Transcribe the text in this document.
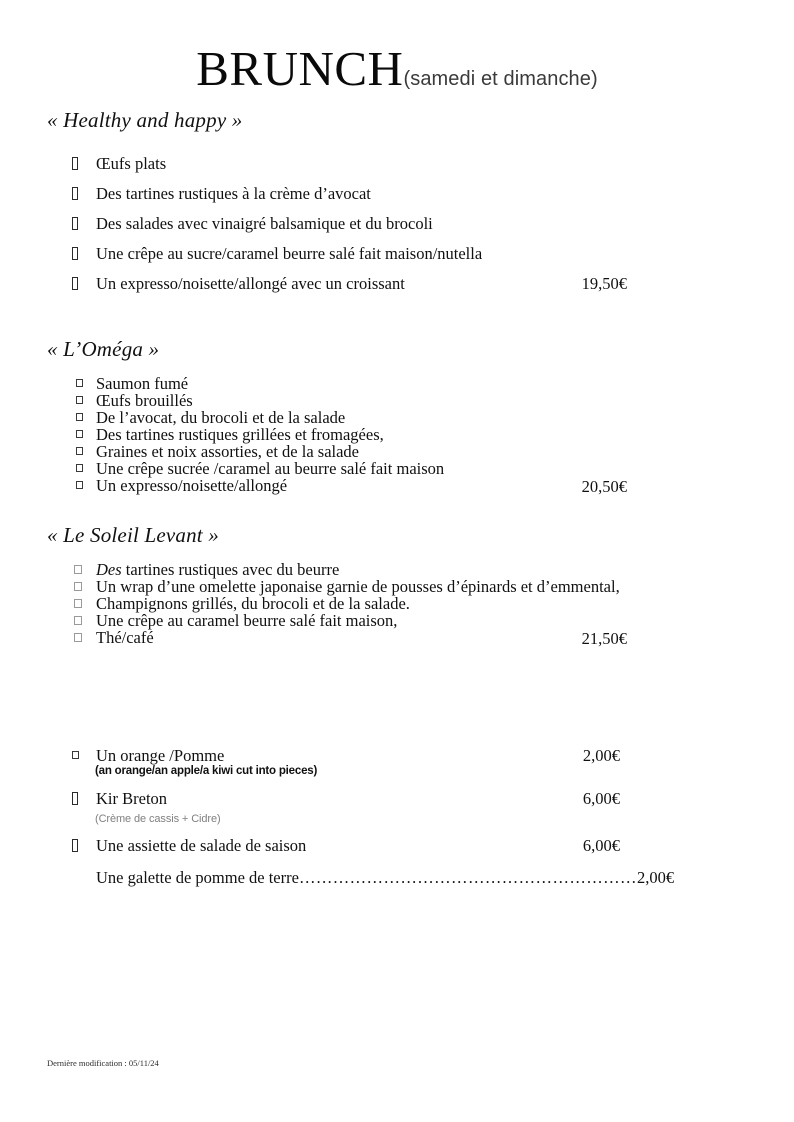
BRUNCH(samedi et dimanche)
« Healthy and happy »
Œufs plats
Des tartines rustiques à la crème d’avocat
Des salades avec vinaigré balsamique et du brocoli
Une crêpe au sucre/caramel beurre salé fait maison/nutella
Un expresso/noisette/allongé avec un croissant	19,50€
« L’Oméga »
Saumon fumé
Œufs brouillés
De l’avocat, du brocoli et de la salade
Des tartines rustiques grillées et fromagées,
Graines et noix assorties, et de la salade
Une crêpe sucrée /caramel au beurre salé fait maison
Un expresso/noisette/allongé	20,50€
« Le Soleil Levant »
Des tartines rustiques avec du beurre
Un wrap d’une omelette japonaise garnie de pousses d’épinards et d’emmental,
Champignons grillés, du brocoli et de la salade.
Une crêpe au caramel beurre salé fait maison,
Thé/café	21,50€
Un orange /Pomme	2,00€
(an orange/an apple/a kiwi cut into pieces)
Kir Breton	6,00€
(Crème de cassis + Cidre)
Une assiette de salade de saison	6,00€
Une galette de pomme de terre …………………………………………………… 2,00€
Dernière modification : 05/11/24
